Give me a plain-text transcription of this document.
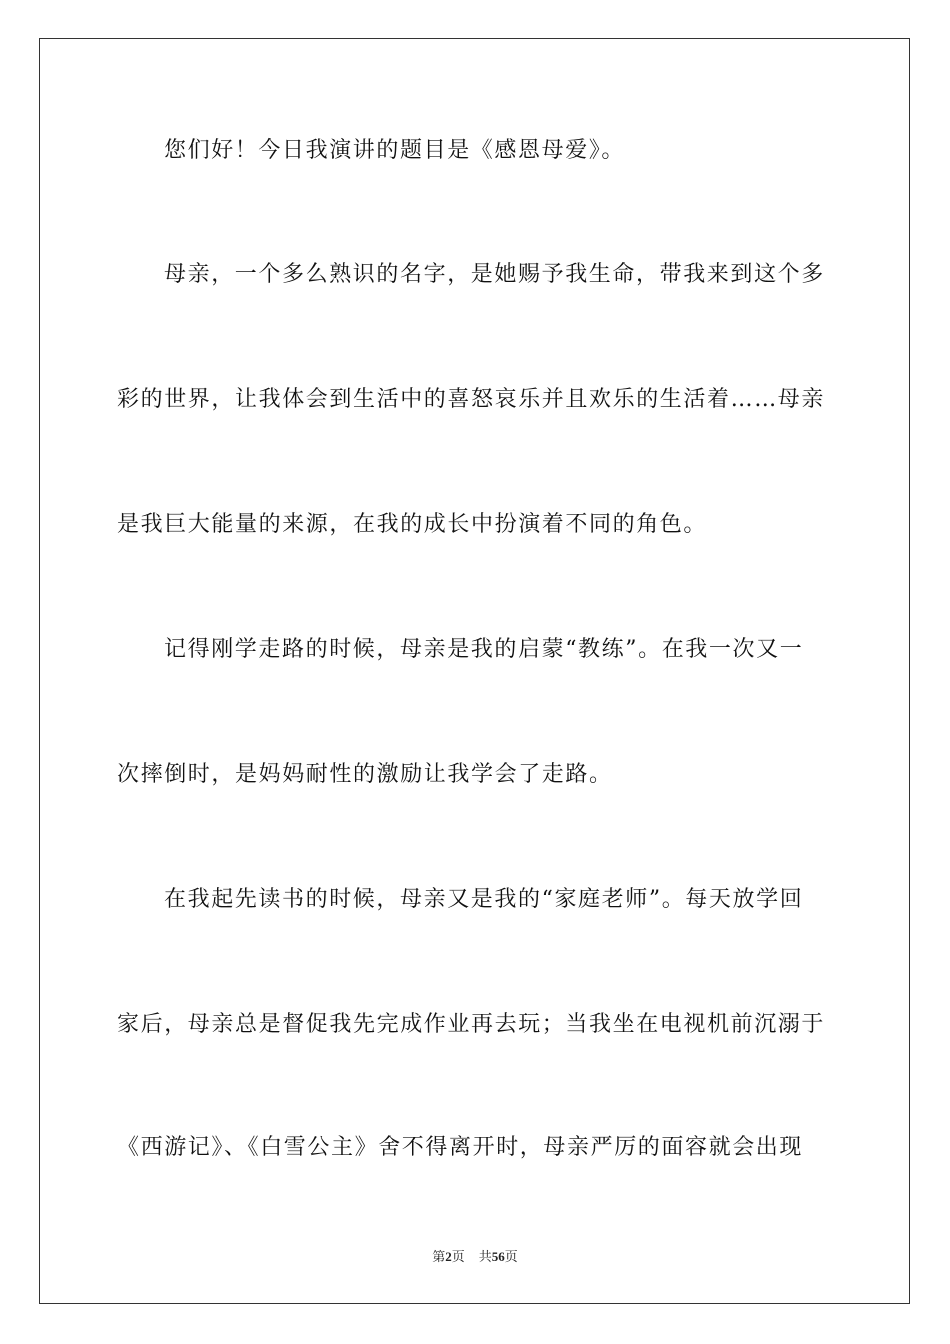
您们好！今日我演讲的题目是《感恩母爱》。
母亲，一个多么熟识的名字，是她赐予我生命，带我来到这个多
彩的世界，让我体会到生活中的喜怒哀乐并且欢乐的生活着……母亲
是我巨大能量的来源，在我的成长中扮演着不同的角色。
记得刚学走路的时候，母亲是我的启蒙“教练”。在我一次又一
次摔倒时，是妈妈耐性的激励让我学会了走路。
在我起先读书的时候，母亲又是我的“家庭老师”。每天放学回
家后，母亲总是督促我先完成作业再去玩；当我坐在电视机前沉溺于
《西游记》、《白雪公主》舍不得离开时，母亲严厉的面容就会出现
第2页 共56页
